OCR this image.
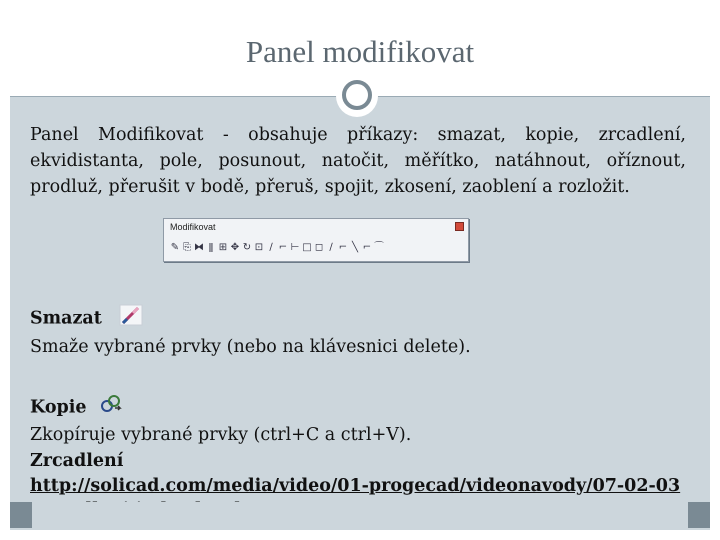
Panel modifikovat
Panel Modifikovat - obsahuje příkazy: smazat, kopie, zrcadlení, ekvidistanta, pole, posunout, natočit, měřítko, natáhnout, oříznout, prodluž, přerušit v bodě, přeruš, spojit, zkosení, zaoblení a rozložit.
Smazat
Smaže vybrané prvky (nebo na klávesnici delete).
Kopie
Zkopíruje vybrané prvky (ctrl+C a ctrl+V).
Zrcadlení
http://solicad.com/media/video/01-progecad/videonavody/07-02-03
Modifikovat
✎ ⎘ ⧓ ǁ ⊞ ✥ ↻ ⊡ ∕ ⌐ ⊢ □ ◻ ∕ ⌐ ╲ ⌐ ⌒
